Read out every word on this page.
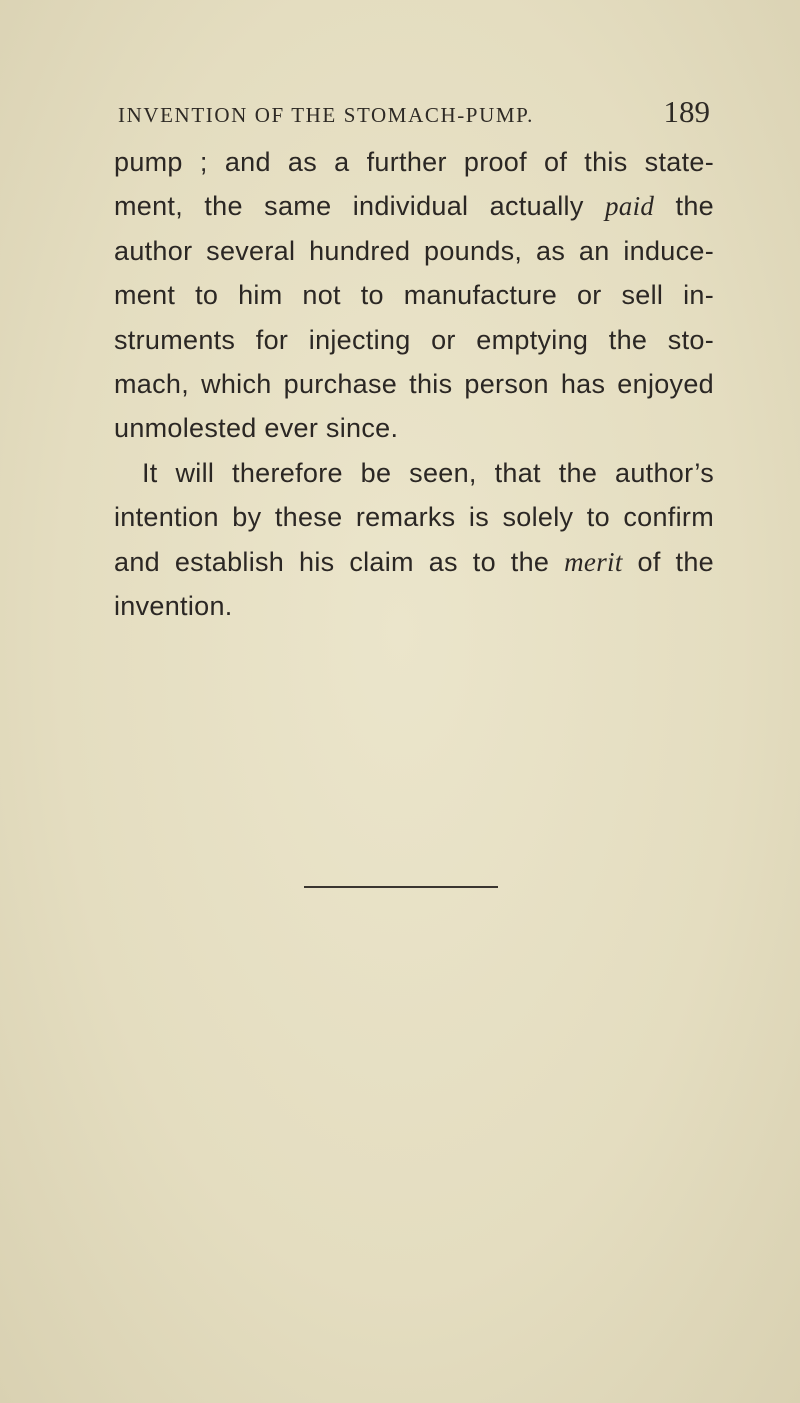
INVENTION OF THE STOMACH-PUMP.	189
pump ; and as a further proof of this state-
ment, the same individual actually paid the
author several hundred pounds, as an induce-
ment to him not to manufacture or sell in-
struments for injecting or emptying the sto-
mach, which purchase this person has enjoyed
unmolested ever since.
It will therefore be seen, that the author’s
intention by these remarks is solely to confirm
and establish his claim as to the merit of the
invention.
